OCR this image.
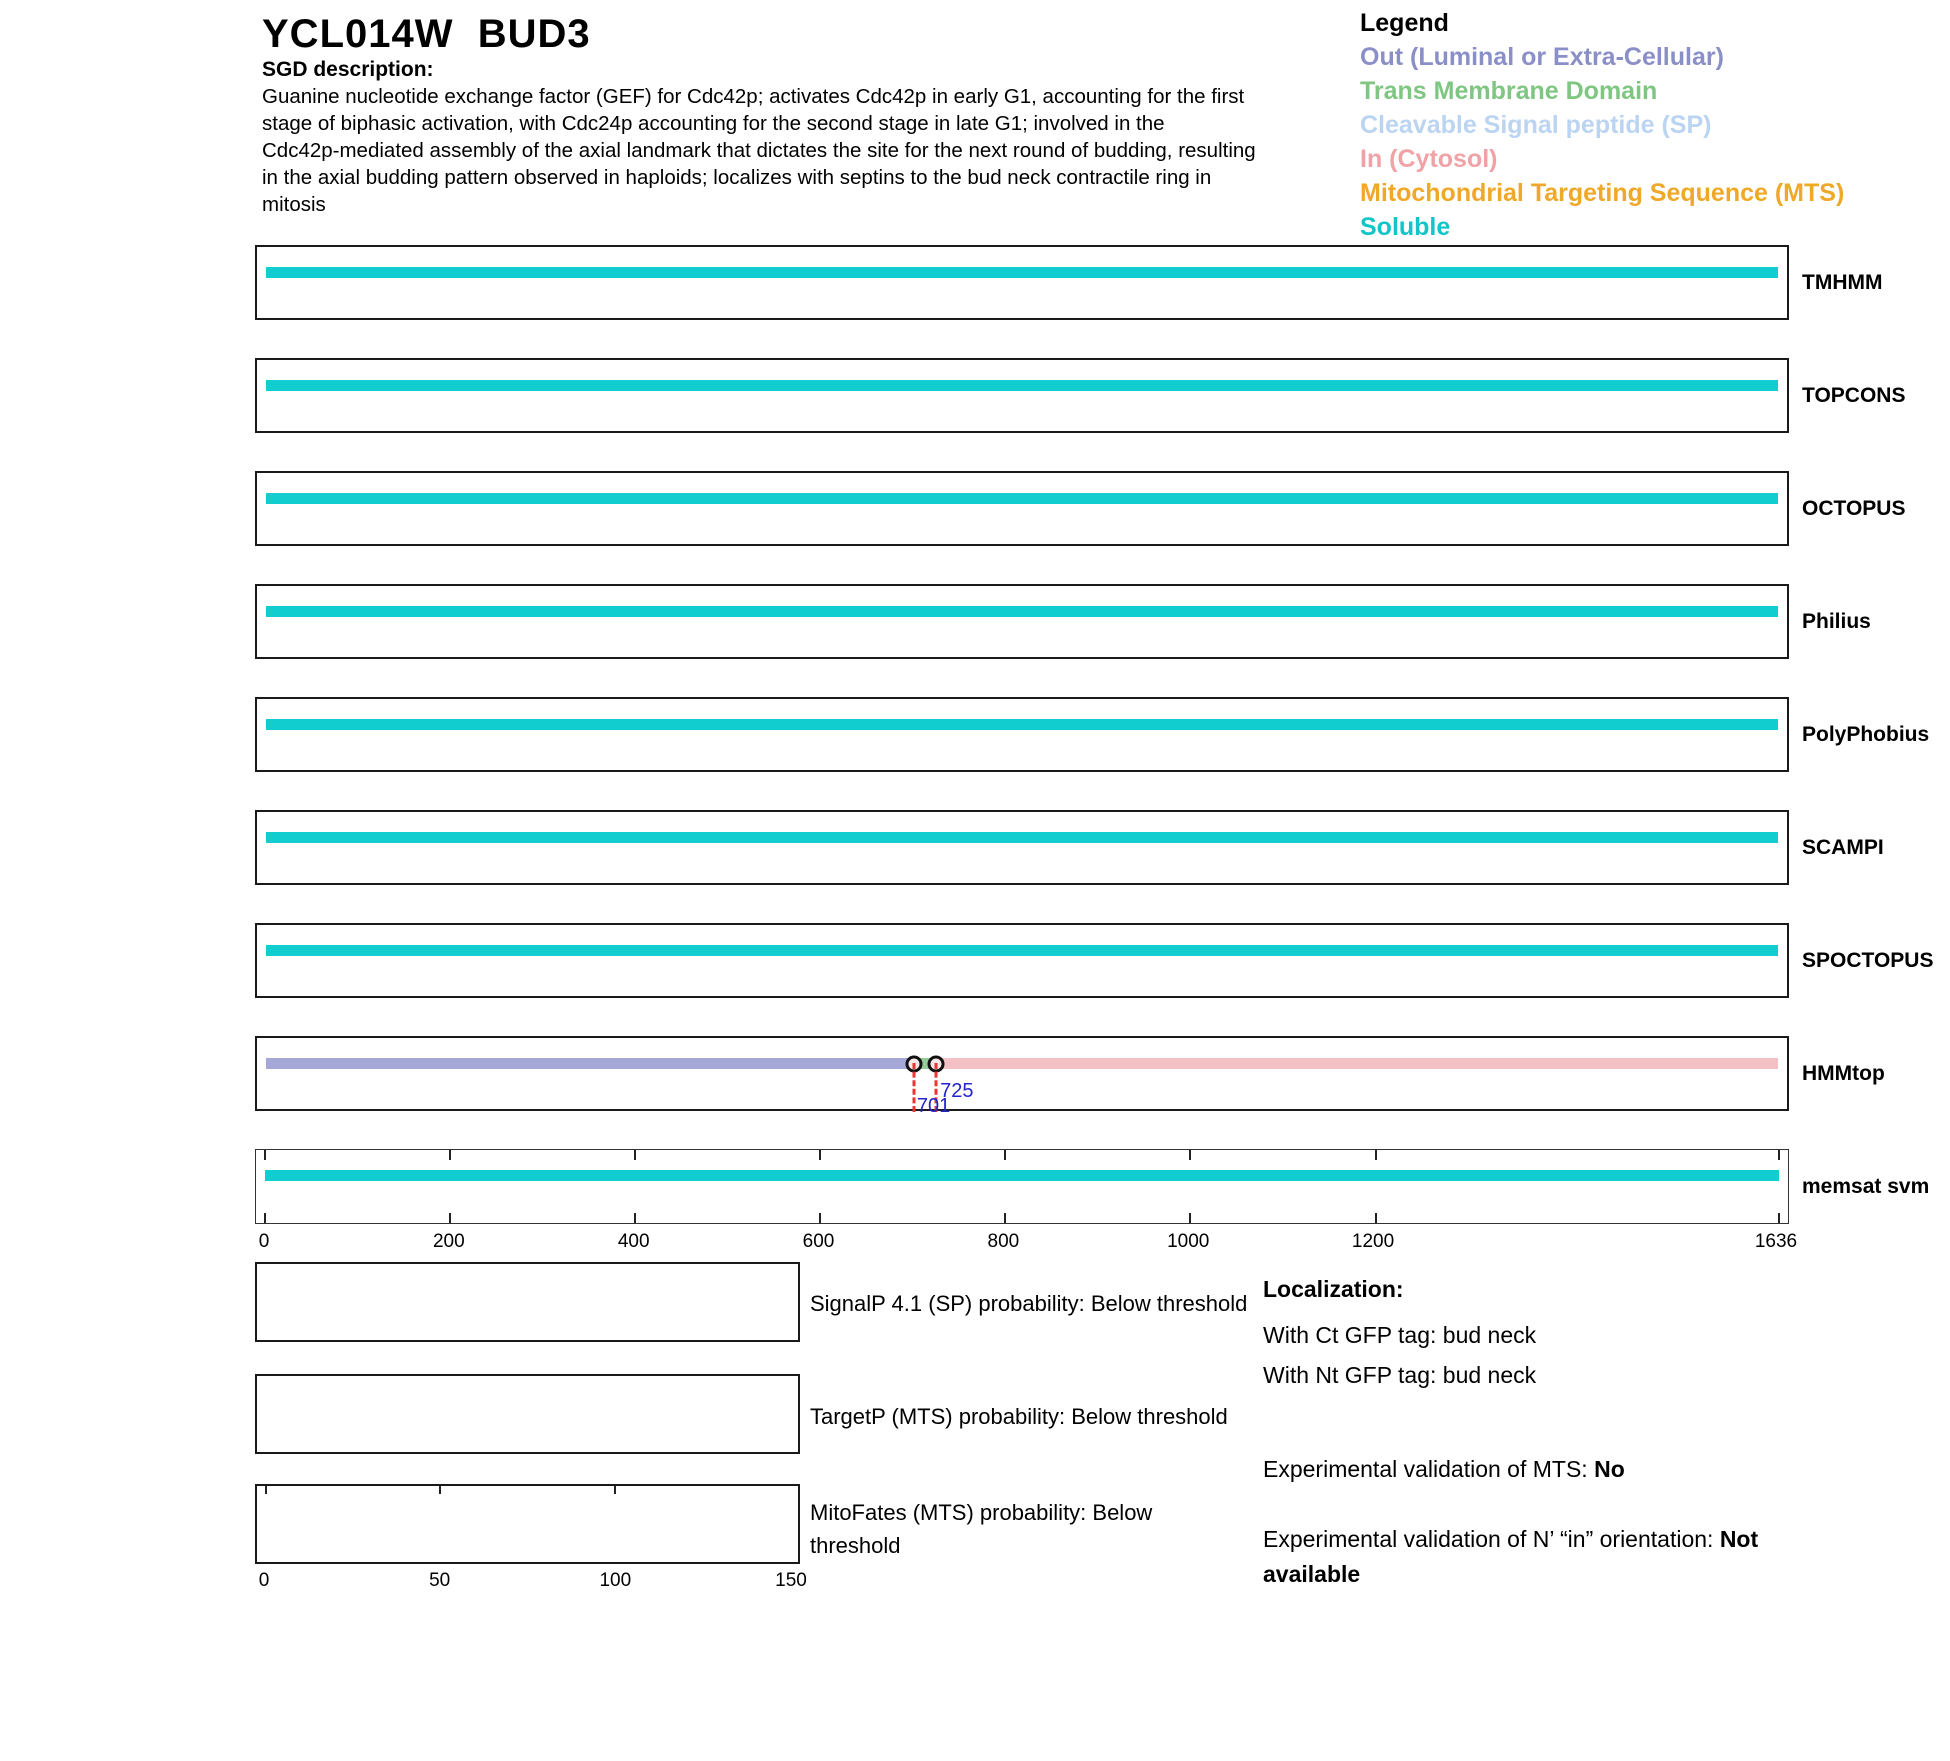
YCL014W  BUD3
SGD description:
Guanine nucleotide exchange factor (GEF) for Cdc42p; activates Cdc42p in early G1, accounting for the first
stage of biphasic activation, with Cdc24p accounting for the second stage in late G1; involved in the
Cdc42p-mediated assembly of the axial landmark that dictates the site for the next round of budding, resulting
in the axial budding pattern observed in haploids; localizes with septins to the bud neck contractile ring in
mitosis
Legend
Out (Luminal or Extra-Cellular)
Trans Membrane Domain
Cleavable Signal peptide (SP)
In (Cytosol)
Mitochondrial Targeting Sequence (MTS)
Soluble
TMHMM
TOPCONS
OCTOPUS
Philius
PolyPhobius
SCAMPI
SPOCTOPUS
725
701
HMMtop
memsat svm
0	200	400	600	800	1000	1200	1636
SignalP 4.1 (SP) probability: Below threshold
TargetP (MTS) probability: Below threshold
MitoFates (MTS) probability: Below threshold
0	50	100	150
Localization:
With Ct GFP tag: bud neck
With Nt GFP tag: bud neck
Experimental validation of MTS: No
Experimental validation of N’ “in” orientation: Not available
